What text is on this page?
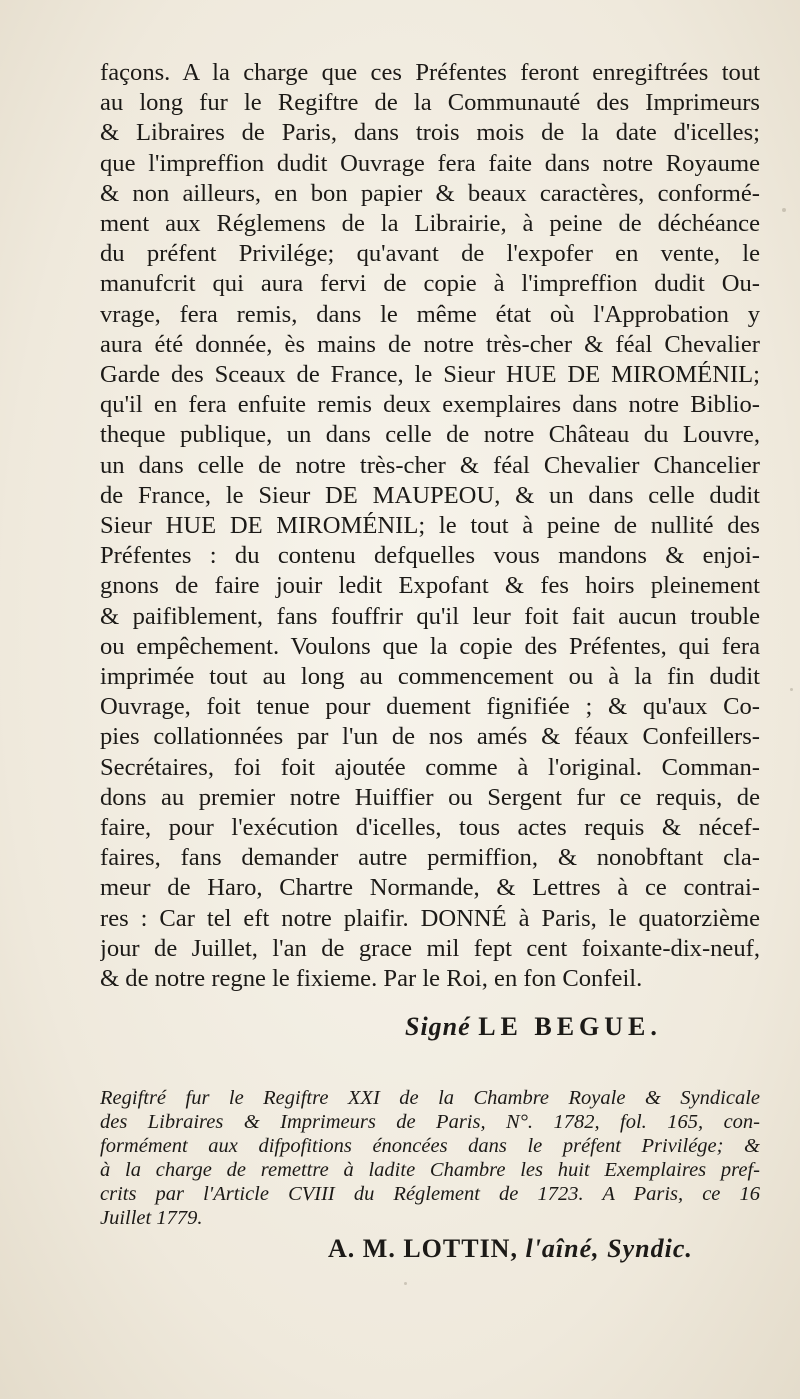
façons. A la charge que ces Préfentes feront enregiftrées tout
au long fur le Regiftre de la Communauté des Imprimeurs
& Libraires de Paris, dans trois mois de la date d'icelles;
que l'impreffion dudit Ouvrage fera faite dans notre Royaume
& non ailleurs, en bon papier & beaux caractères, conformé-
ment aux Réglemens de la Librairie, à peine de déchéance
du préfent Privilége; qu'avant de l'expofer en vente, le
manufcrit qui aura fervi de copie à l'impreffion dudit Ou-
vrage, fera remis, dans le même état où l'Approbation y
aura été donnée, ès mains de notre très-cher & féal Chevalier
Garde des Sceaux de France, le Sieur HUE DE MIROMÉNIL;
qu'il en fera enfuite remis deux exemplaires dans notre Biblio-
theque publique, un dans celle de notre Château du Louvre,
un dans celle de notre très-cher & féal Chevalier Chancelier
de France, le Sieur DE MAUPEOU, & un dans celle dudit
Sieur HUE DE MIROMÉNIL; le tout à peine de nullité des
Préfentes : du contenu defquelles vous mandons & enjoi-
gnons de faire jouir ledit Expofant & fes hoirs pleinement
& paifiblement, fans fouffrir qu'il leur foit fait aucun trouble
ou empêchement. Voulons que la copie des Préfentes, qui fera
imprimée tout au long au commencement ou à la fin dudit
Ouvrage, foit tenue pour duement fignifiée ; & qu'aux Co-
pies collationnées par l'un de nos amés & féaux Confeillers-
Secrétaires, foi foit ajoutée comme à l'original. Comman-
dons au premier notre Huiffier ou Sergent fur ce requis, de
faire, pour l'exécution d'icelles, tous actes requis & nécef-
faires, fans demander autre permiffion, & nonobftant cla-
meur de Haro, Chartre Normande, & Lettres à ce contrai-
res : Car tel eft notre plaifir. DONNÉ à Paris, le quatorzième
jour de Juillet, l'an de grace mil fept cent foixante-dix-neuf,
& de notre regne le fixieme. Par le Roi, en fon Confeil.
Signé LE BEGUE.
Regiftré fur le Regiftre XXI de la Chambre Royale & Syndicale
des Libraires & Imprimeurs de Paris, N°. 1782, fol. 165, con-
formément aux difpofitions énoncées dans le préfent Privilége; &
à la charge de remettre à ladite Chambre les huit Exemplaires pref-
crits par l'Article CVIII du Réglement de 1723. A Paris, ce 16
Juillet 1779.
A. M. LOTTIN, l'aîné, Syndic.
